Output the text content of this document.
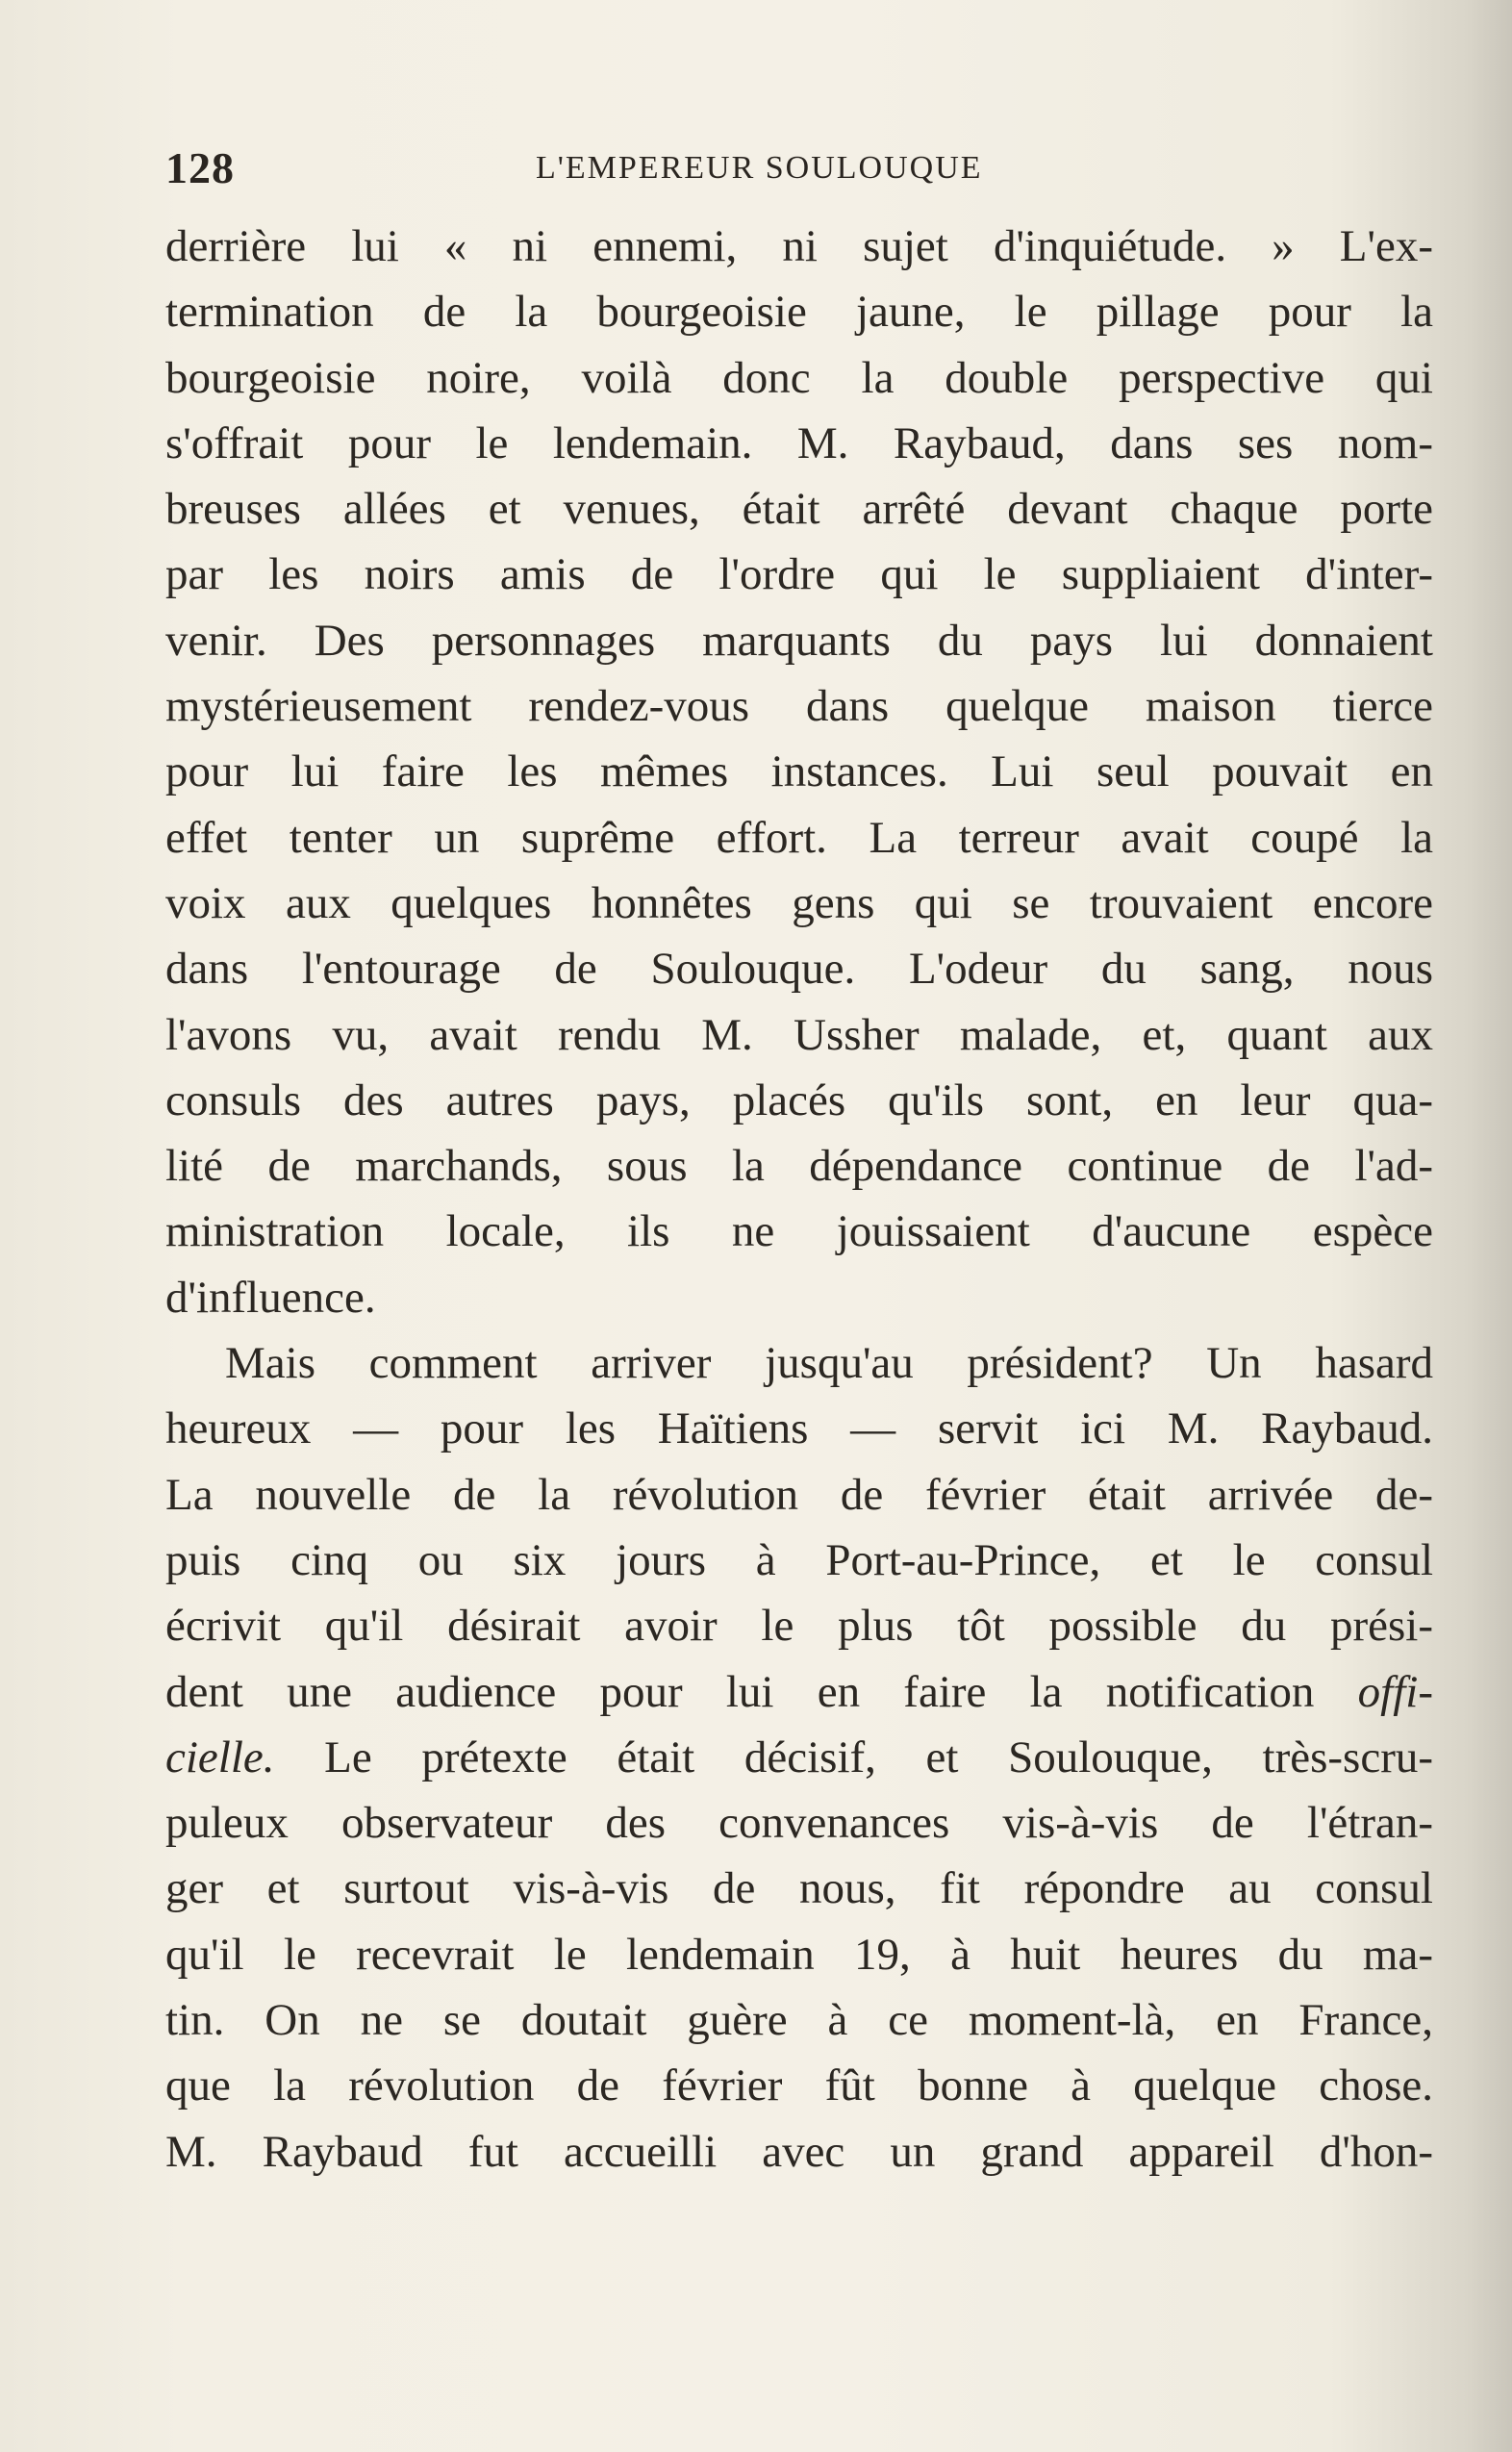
128	L'EMPEREUR SOULOUQUE
derrière lui « ni ennemi, ni sujet d'inquiétude. » L'ex-
termination de la bourgeoisie jaune, le pillage pour la
bourgeoisie noire, voilà donc la double perspective qui
s'offrait pour le lendemain. M. Raybaud, dans ses nom-
breuses allées et venues, était arrêté devant chaque porte
par les noirs amis de l'ordre qui le suppliaient d'inter-
venir. Des personnages marquants du pays lui donnaient
mystérieusement rendez-vous dans quelque maison tierce
pour lui faire les mêmes instances. Lui seul pouvait en
effet tenter un suprême effort. La terreur avait coupé la
voix aux quelques honnêtes gens qui se trouvaient encore
dans l'entourage de Soulouque. L'odeur du sang, nous
l'avons vu, avait rendu M. Ussher malade, et, quant aux
consuls des autres pays, placés qu'ils sont, en leur qua-
lité de marchands, sous la dépendance continue de l'ad-
ministration locale, ils ne jouissaient d'aucune espèce
d'influence.
Mais comment arriver jusqu'au président? Un hasard
heureux — pour les Haïtiens — servit ici M. Raybaud.
La nouvelle de la révolution de février était arrivée de-
puis cinq ou six jours à Port-au-Prince, et le consul
écrivit qu'il désirait avoir le plus tôt possible du prési-
dent une audience pour lui en faire la notification offi-
cielle. Le prétexte était décisif, et Soulouque, très-scru-
puleux observateur des convenances vis-à-vis de l'étran-
ger et surtout vis-à-vis de nous, fit répondre au consul
qu'il le recevrait le lendemain 19, à huit heures du ma-
tin. On ne se doutait guère à ce moment-là, en France,
que la révolution de février fût bonne à quelque chose.
M. Raybaud fut accueilli avec un grand appareil d'hon-
